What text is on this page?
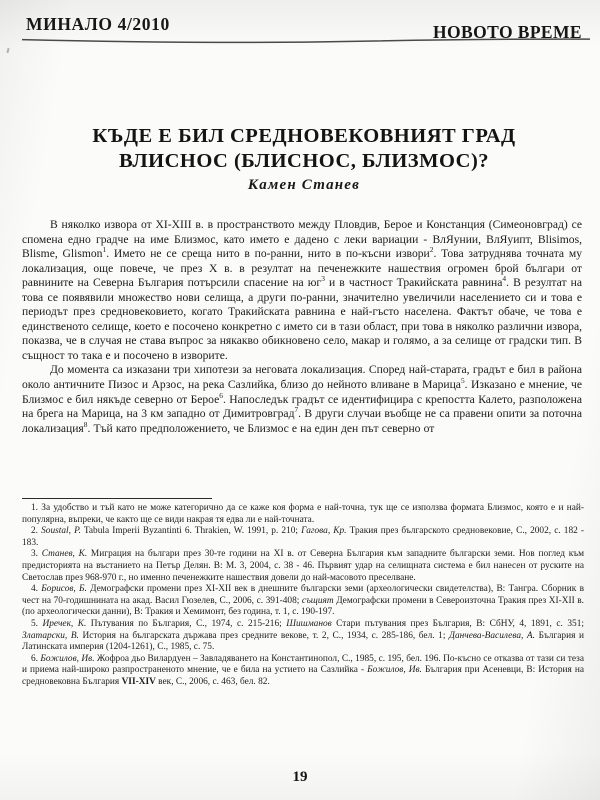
МИНАЛО 4/2010	НОВОТО ВРЕМЕ
КЪДЕ Е БИЛ СРЕДНОВЕКОВНИЯТ ГРАД
ВЛИСНОС (БЛИСНОС, БЛИЗМОС)?
Камен Станев

В няколко извора от XI-XIII в. в пространството между Пловдив, Берое и Констанция (Симеоновград) се спомена едно градче на име Близмос, като името е дадено с леки вариации - ВлЯунии, ВлЯуипт, Blisimos, Blisme, Glismon$^1$. Името не се среща нито в по-ранни, нито в по-късни извори$^2$. Това затруднява точната му локализация, още повече, че през X в. в резултат на печенежките нашествия огромен брой българи от равнините на Северна България потърсили спасение на $юг^3$ и в частност Тракийската равнина$^4$. В резултат на това се появявили множество нови селища, а други по-ранни, значително увеличили населението си и това е периодът през средновековието, когато Тракийската равнина е най-гъсто населена. Фактът обаче, че това е единственото селище, което е посочено конкретно с името си в тази област, при това в няколко различни извора, показва, че в случая не става въпрос за някакво обикновено село, макар и голямо, а за селище от градски тип. В същност то така е и посочено в изворите.

До момента са изказани три хипотези за неговата локализация. Според най-старата, градът е бил в района около античните Пизос и Арзос, на река Сазлийка, близо до нейното вливане в Марица$^5$. Изказано е мнение, че Близмос е бил някъде северно от Берое$^6$. Напоследък градът се идентифицира с крепостта Калето, разположена на брега на Марица, на 3 км западно от Димитровград$^7$. В други случаи въобще не са правени опити за поточна локализация$^8$. Тъй като предположението, че Близмос е на един ден път северно от

1. За удобство и тъй като не може категорично да се каже коя форма е най-точна, тук ще се използва формата Близмос, която е и най-популярна, въпреки, че както ще се види накрая тя едва ли е най-точната.

2. Soustal, P. Tabula Imperii Byzantinti 6. Thrakien, W. 1991, p. 210; Гагова, Кр. Тракия през българското средновековие, С., 2002, с. 182 - 183.

3. Станев, К. Миграция на българи през 30-те години на XI в. от Северна България към западните български земи. Нов поглед към предисторията на въстанието на Петър Делян. В: М. 3, 2004, с. 38 - 46. Първият удар на селищната система е бил нанесен от руските на Светослав през 968-970 г., но именно печенежките нашествия довели до най-масовото преселване.

4. Борисов, Б. Демографски промени през XI-XII век в днешните български земи (археологически свидетелства), В: Тангра. Сборник в чест на 70-годишнината на акад. Васил Гюзелев, С., 2006, с. 391-408; същият Демографски промени в Североизточна Тракия през XI-XII в. (по археологически данни), В: Тракия и Хемимонт, без година, т. 1, с. 190-197.

5. Иречек, К. Пътувания по България, С., 1974, с. 215-216; Шишманов Стари пътувания през България, В: СбНУ, 4, 1891, с. 351; Златарски, В. История на българската държава през средните векове, т. 2, С., 1934, с. 285-186, бел. 1; Данчева-Василева, А. България и Латинската империя (1204-1261), С., 1985, с. 75.

6. Божилов, Ив. Жофроа дьо Вилардуен – Завладяването на Константинопол, С., 1985, с. 195, бел. 196. По-късно се отказва от тази си теза и приема най-широко разпространеното мнение, че е била на устието на Сазлийка - Божилов, Ив. България при Асеневци, В: История на средновековна България VII-XIV век, С., 2006, с. 463, бел. 82.

19
